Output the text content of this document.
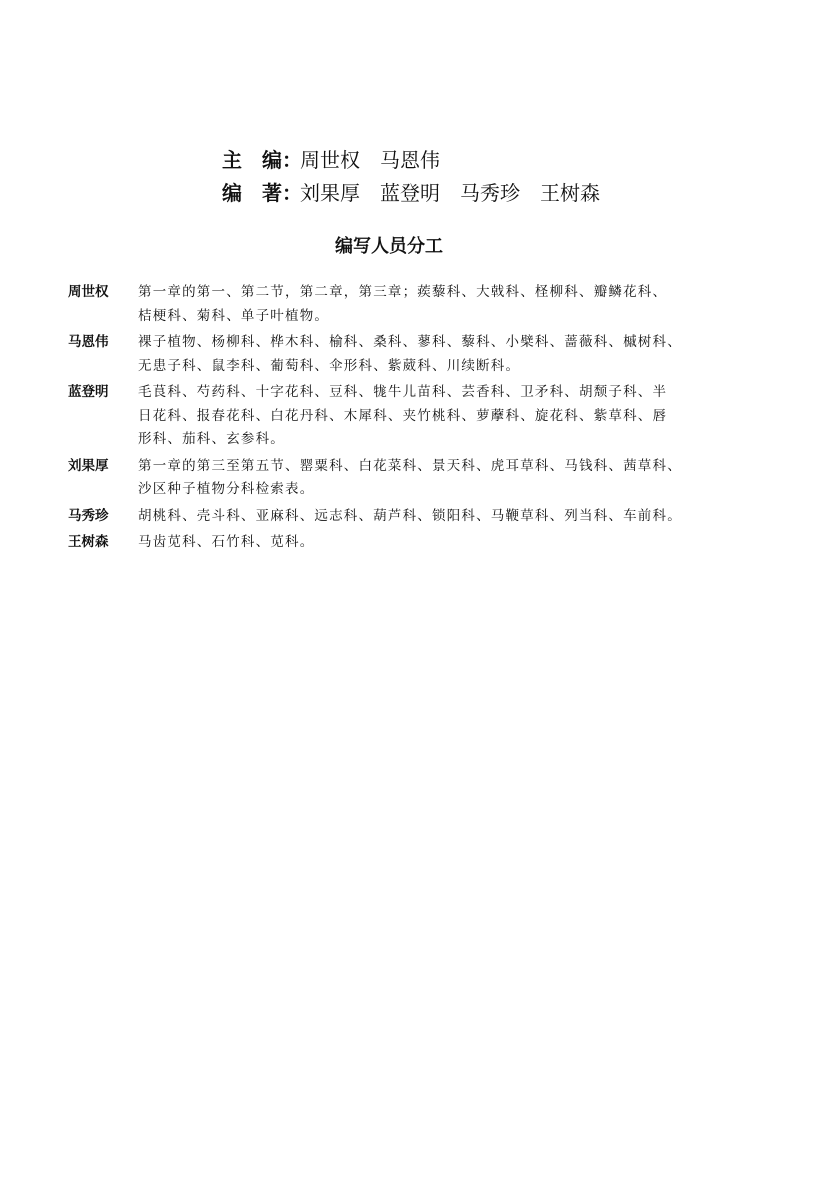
主　编：
周世权　马恩伟
编　著：
刘果厚　蓝登明　马秀珍　王树森
编写人员分工
周世权	第一章的第一、第二节，第二章，第三章；蒺藜科、大戟科、柽柳科、瓣鳞花科、
桔梗科、菊科、单子叶植物。
马恩伟	裸子植物、杨柳科、桦木科、榆科、桑科、蓼科、藜科、小檗科、蔷薇科、槭树科、
无患子科、鼠李科、葡萄科、伞形科、紫葳科、川续断科。
蓝登明	毛茛科、芍药科、十字花科、豆科、牻牛儿苗科、芸香科、卫矛科、胡颓子科、半
日花科、报春花科、白花丹科、木犀科、夹竹桃科、萝藦科、旋花科、紫草科、唇
形科、茄科、玄参科。
刘果厚	第一章的第三至第五节、罂粟科、白花菜科、景天科、虎耳草科、马钱科、茜草科、
沙区种子植物分科检索表。
马秀珍	胡桃科、壳斗科、亚麻科、远志科、葫芦科、锁阳科、马鞭草科、列当科、车前科。
王树森	马齿苋科、石竹科、苋科。
